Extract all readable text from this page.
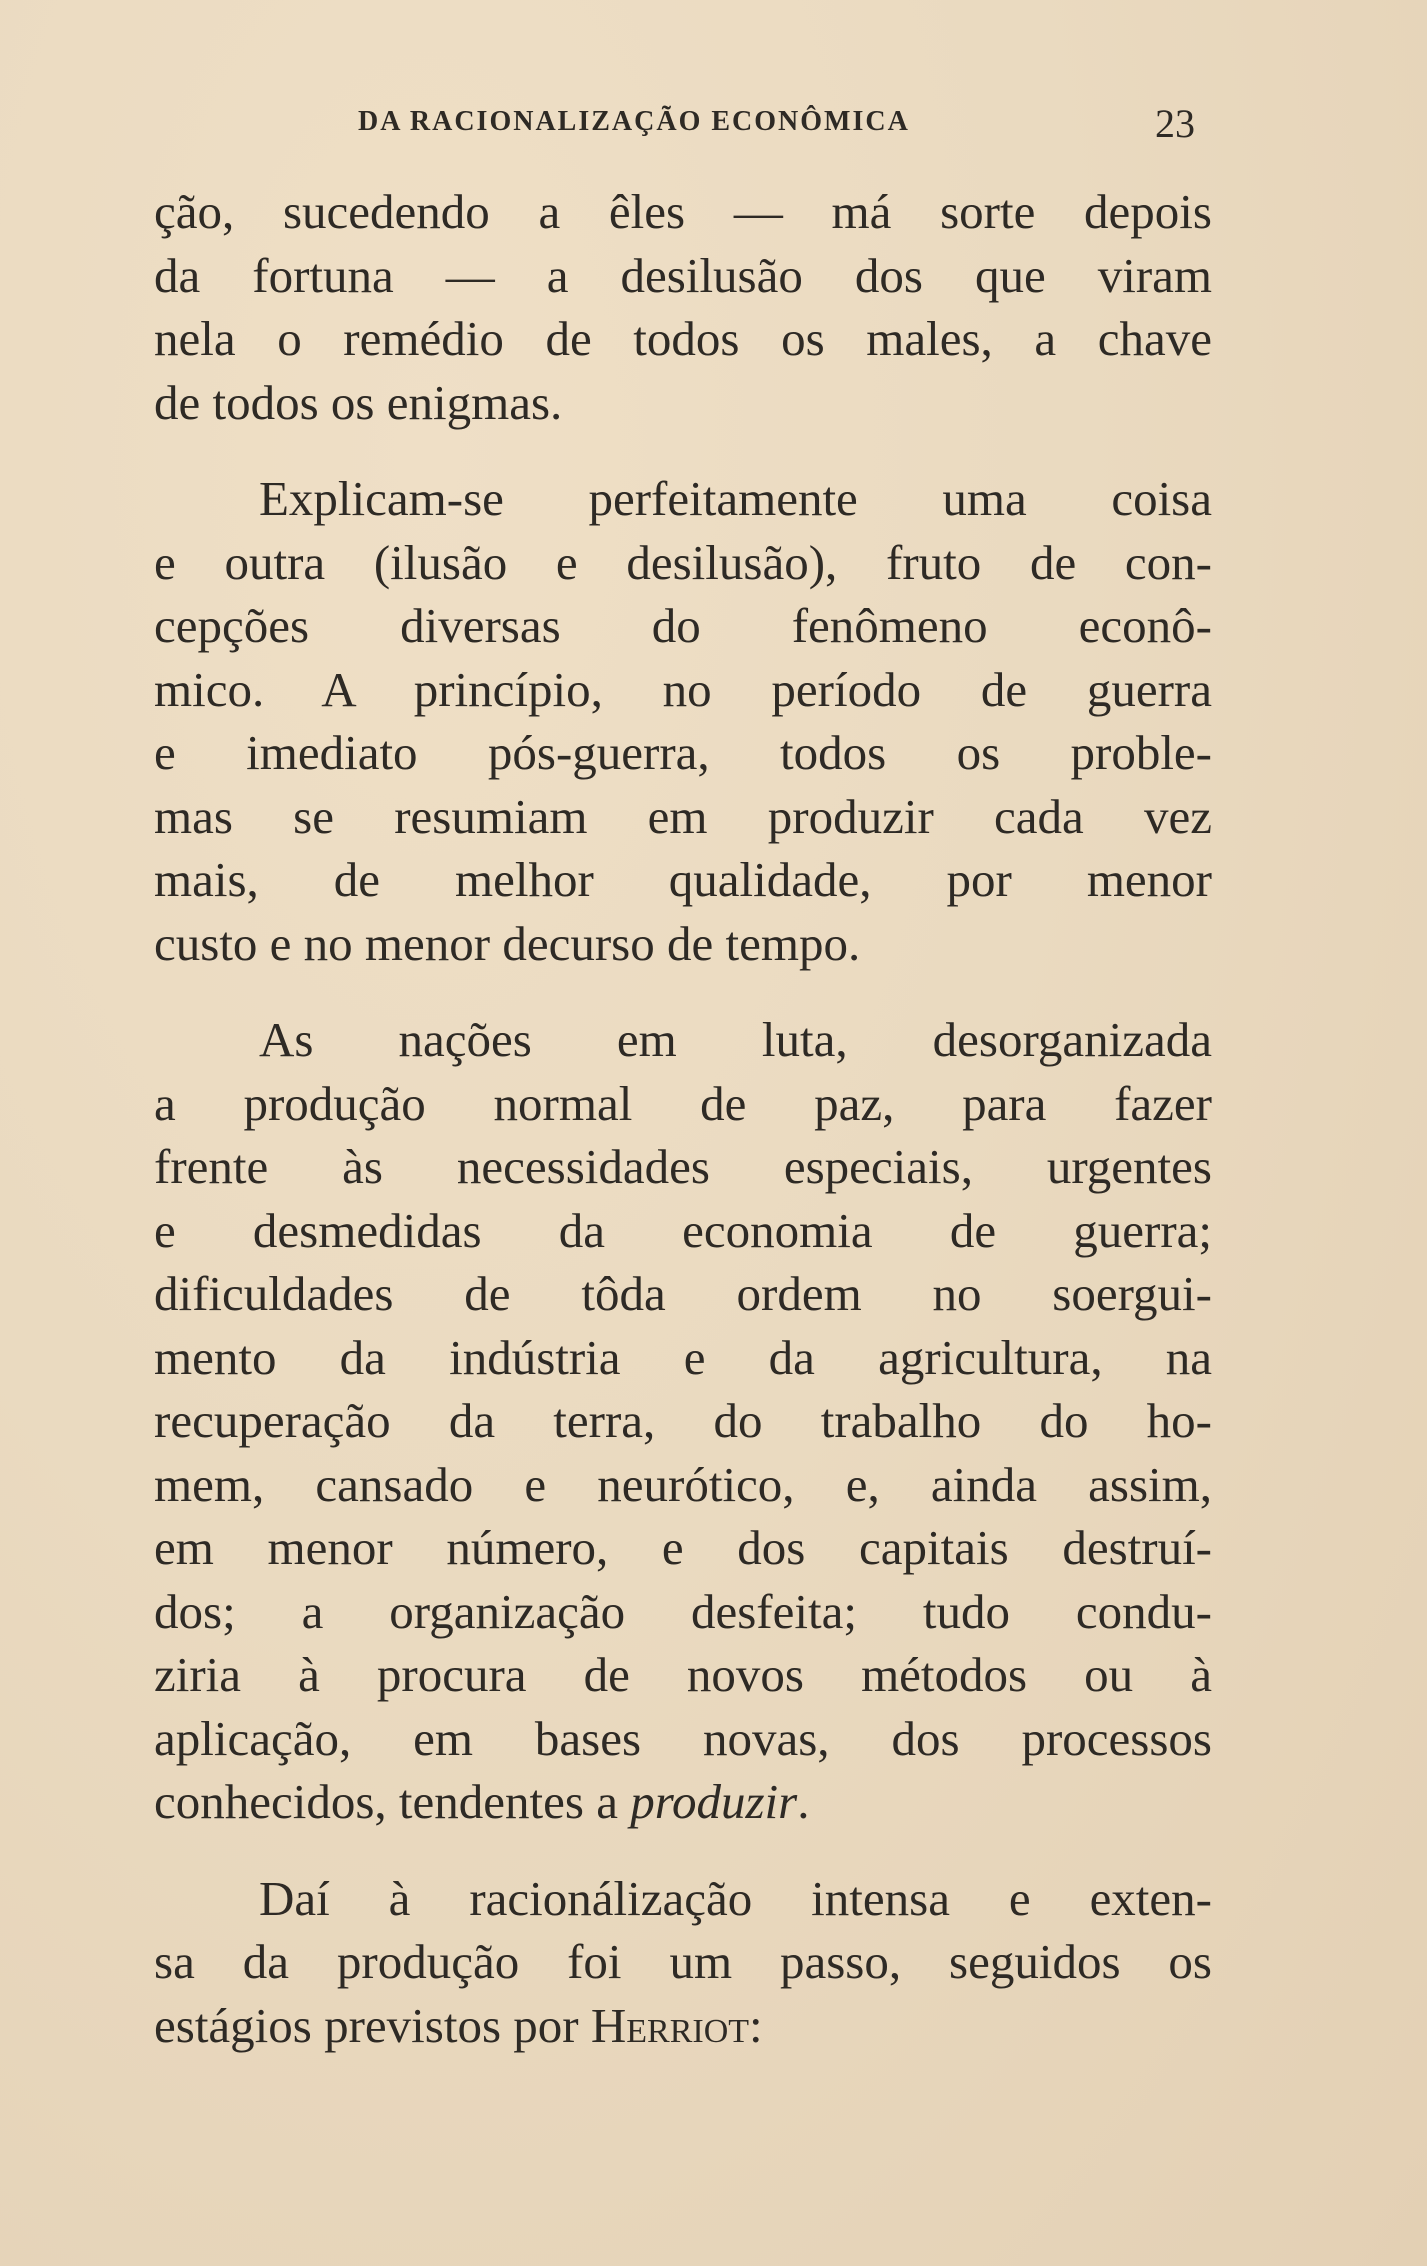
DA RACIONALIZAÇÃO ECONÔMICA	23
ção, sucedendo a êles — má sorte depois
da fortuna — a desilusão dos que viram
nela o remédio de todos os males, a chave
de todos os enigmas.
Explicam-se perfeitamente uma coisa
e outra (ilusão e desilusão), fruto de con-
cepções diversas do fenômeno econô-
mico. A princípio, no período de guerra
e imediato pós-guerra, todos os proble-
mas se resumiam em produzir cada vez
mais, de melhor qualidade, por menor
custo e no menor decurso de tempo.
As nações em luta, desorganizada
a produção normal de paz, para fazer
frente às necessidades especiais, urgentes
e desmedidas da economia de guerra;
dificuldades de tôda ordem no soergui-
mento da indústria e da agricultura, na
recuperação da terra, do trabalho do ho-
mem, cansado e neurótico, e, ainda assim,
em menor número, e dos capitais destruí-
dos; a organização desfeita; tudo condu-
ziria à procura de novos métodos ou à
aplicação, em bases novas, dos processos
conhecidos, tendentes a produzir.
Daí à racionálização intensa e exten-
sa da produção foi um passo, seguidos os
estágios previstos por Herriot:
